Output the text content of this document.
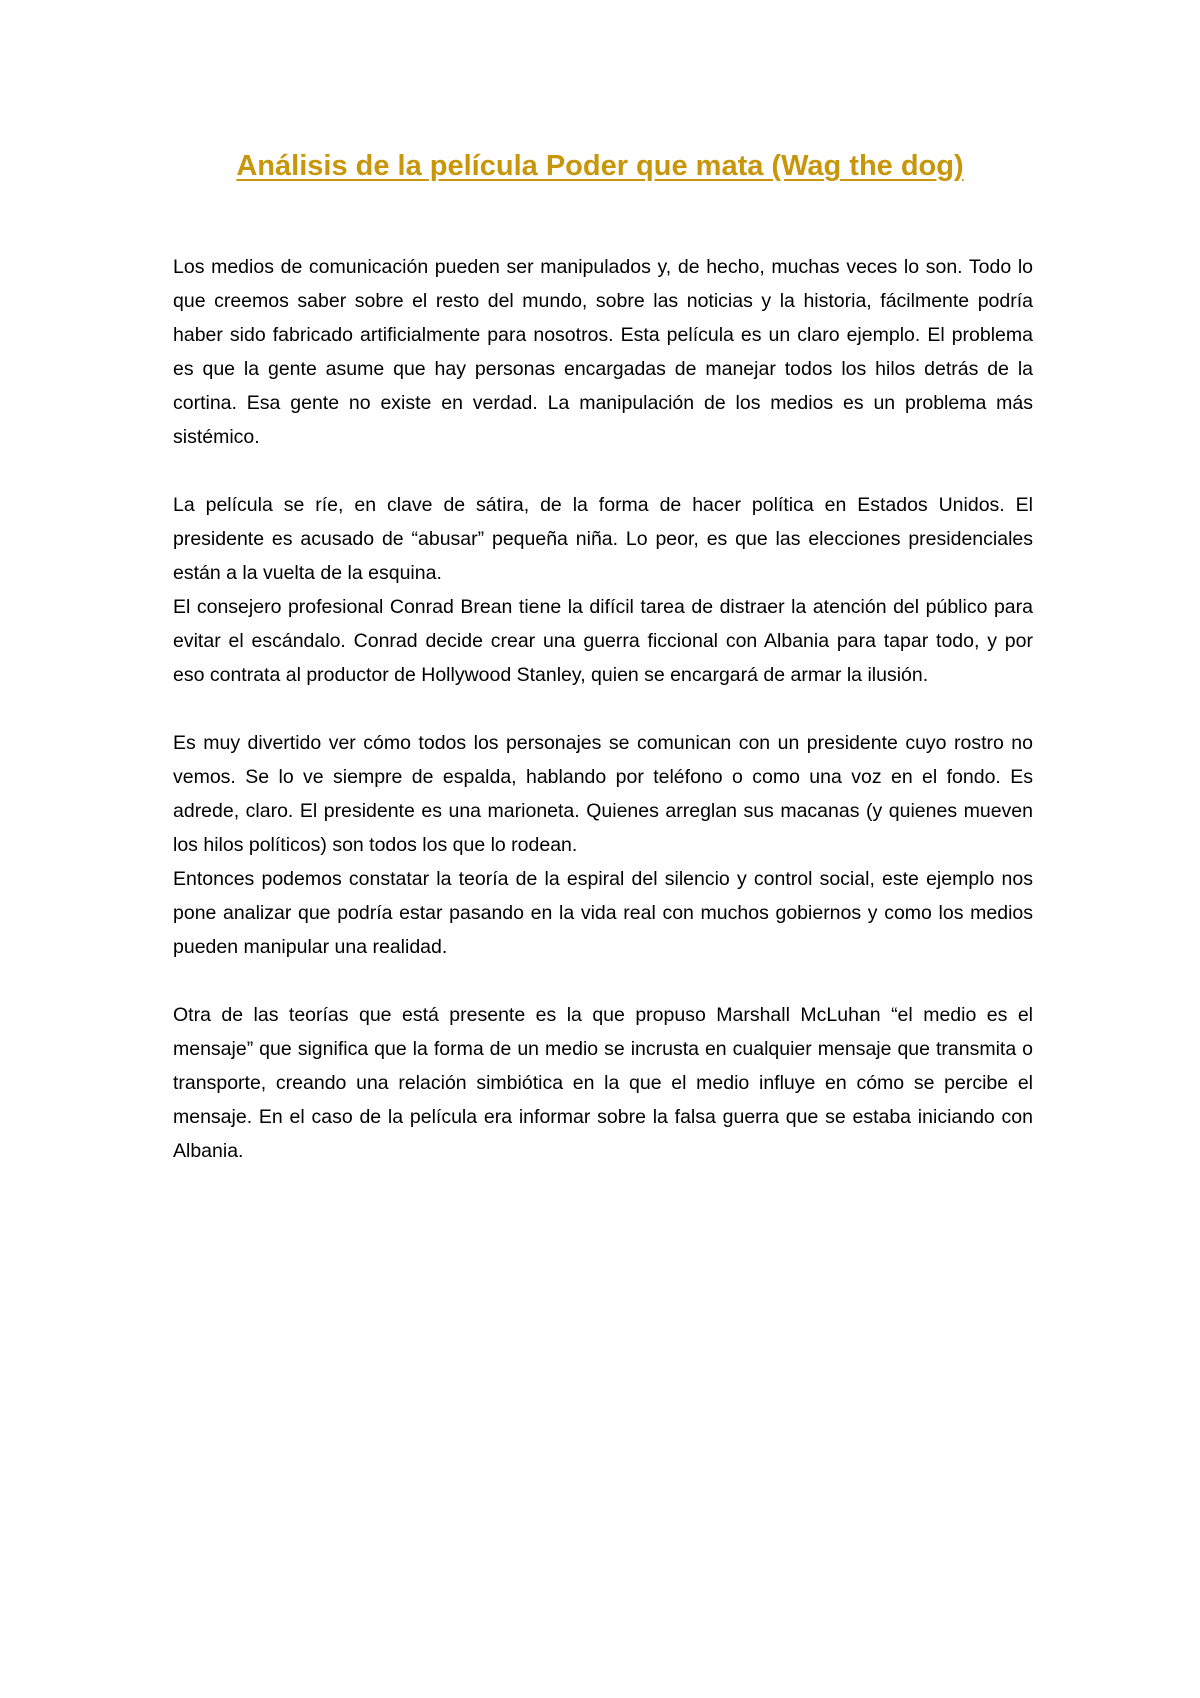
Análisis de la película Poder que mata (Wag the dog)

Los medios de comunicación pueden ser manipulados y, de hecho, muchas veces lo son. Todo lo que creemos saber sobre el resto del mundo, sobre las noticias y la historia, fácilmente podría haber sido fabricado artificialmente para nosotros. Esta película es un claro ejemplo. El problema es que la gente asume que hay personas encargadas de manejar todos los hilos detrás de la cortina. Esa gente no existe en verdad. La manipulación de los medios es un problema más sistémico.

La película se ríe, en clave de sátira, de la forma de hacer política en Estados Unidos. El presidente es acusado de “abusar” pequeña niña. Lo peor, es que las elecciones presidenciales están a la vuelta de la esquina.

El consejero profesional Conrad Brean tiene la difícil tarea de distraer la atención del público para evitar el escándalo. Conrad decide crear una guerra ficcional con Albania para tapar todo, y por eso contrata al productor de Hollywood Stanley, quien se encargará de armar la ilusión.

Es muy divertido ver cómo todos los personajes se comunican con un presidente cuyo rostro no vemos. Se lo ve siempre de espalda, hablando por teléfono o como una voz en el fondo. Es adrede, claro. El presidente es una marioneta. Quienes arreglan sus macanas (y quienes mueven los hilos políticos) son todos los que lo rodean.

Entonces podemos constatar la teoría de la espiral del silencio y control social, este ejemplo nos pone analizar que podría estar pasando en la vida real con muchos gobiernos y como los medios pueden manipular una realidad.

Otra de las teorías que está presente es la que propuso Marshall McLuhan “el medio es el mensaje” que significa que la forma de un medio se incrusta en cualquier mensaje que transmita o transporte, creando una relación simbiótica en la que el medio influye en cómo se percibe el mensaje. En el caso de la película era informar sobre la falsa guerra que se estaba iniciando con Albania.
